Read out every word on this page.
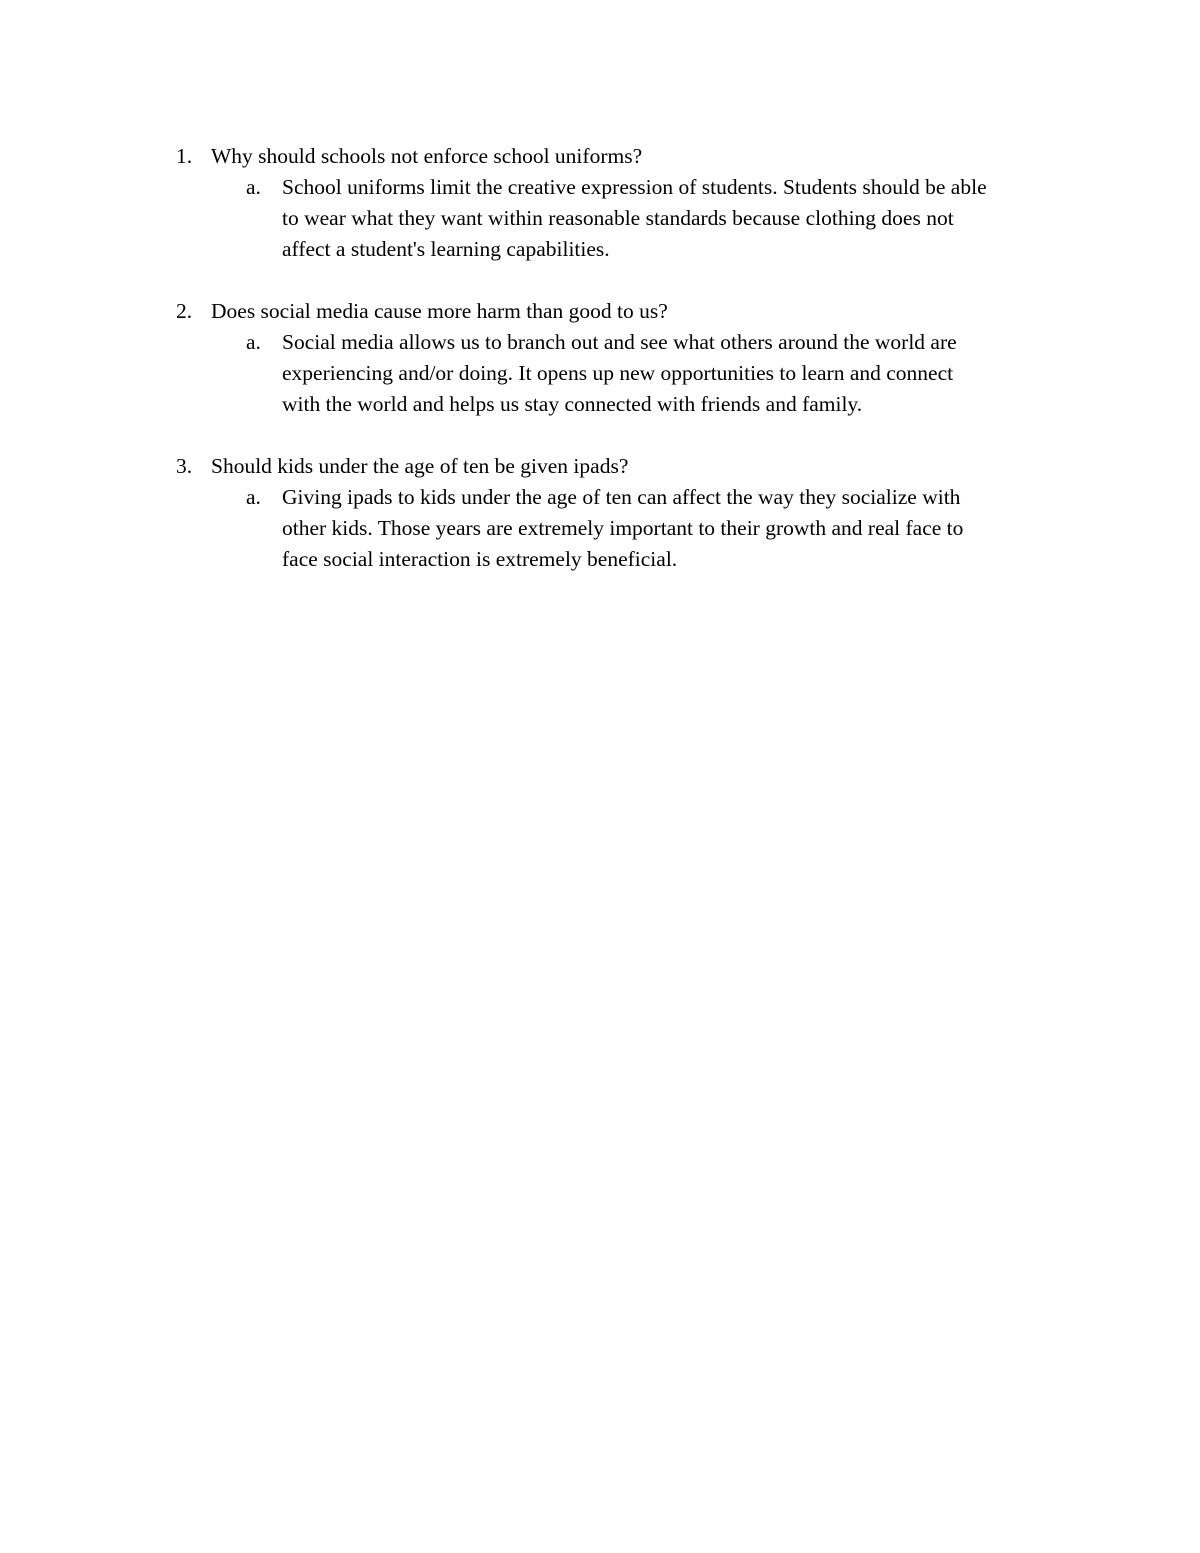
1. Why should schools not enforce school uniforms?
a. School uniforms limit the creative expression of students. Students should be able
to wear what they want within reasonable standards because clothing does not
affect a student's learning capabilities.
2. Does social media cause more harm than good to us?
a. Social media allows us to branch out and see what others around the world are
experiencing and/or doing. It opens up new opportunities to learn and connect
with the world and helps us stay connected with friends and family.
3. Should kids under the age of ten be given ipads?
a. Giving ipads to kids under the age of ten can affect the way they socialize with
other kids. Those years are extremely important to their growth and real face to
face social interaction is extremely beneficial.
